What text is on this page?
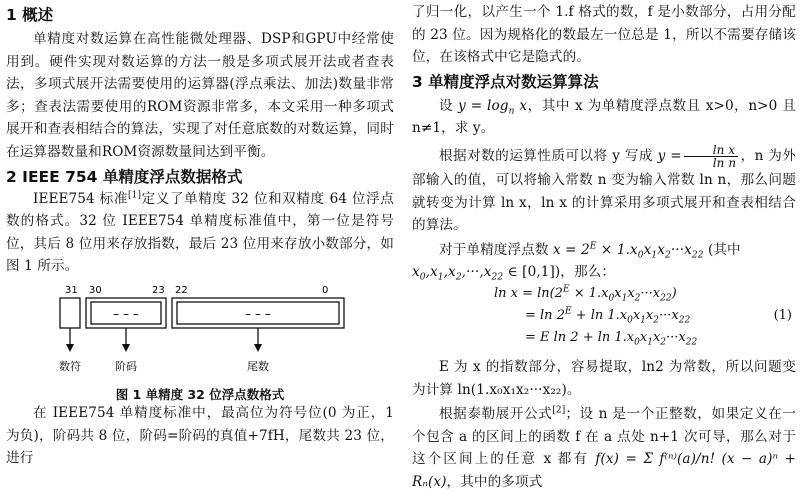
1 概述

单精度对数运算在高性能微处理器、DSP和GPU中经常使用到。硬件实现对数运算的方法一般是多项式展开法或者查表法，多项式展开法需要使用的运算器(浮点乘法、加法)数量非常多；查表法需要使用的ROM资源非常多，本文采用一种多项式展开和查表相结合的算法，实现了对任意底数的对数运算，同时在运算器数量和ROM资源数量间达到平衡。

2 IEEE 754 单精度浮点数据格式

IEEE754 标准[1]定义了单精度 32 位和双精度 64 位浮点数的格式。32 位 IEEE754 单精度标准值中，第一位是符号位，其后 8 位用来存放指数，最后 23 位用来存放小数部分，如图 1 所示。

31 30	23 22	0
– – –	– – –
数符	阶码	尾数

图 1 单精度 32 位浮点数格式

在 IEEE754 单精度标准中，最高位为符号位(0 为正，1 为负)，阶码共 8 位，阶码=阶码的真值+7fH，尾数共 23 位，进行

了归一化，以产生一个 1.f 格式的数，f 是小数部分，占用分配的 23 位。因为规格化的数最左一位总是 1，所以不需要存储该位，在该格式中它是隐式的。

3 单精度浮点对数运算算法

设 $y = \log_n x$，其中 x 为单精度浮点数且 x>0，n>0 且 n≠1，求 y。

根据对数的运算性质可以将 y 写成 $y = \frac{\text{ln x}}{\text{ln n}}$ ，n 为外部输入的值，可以将输入常数 n 变为输入常数 ln n，那么问题就转变为计算 ln x，ln x 的计算采用多项式展开和查表相结合的算法。

对于单精度浮点数 $x = 2^E \times 1.x_0x_1x_2\cdot\cdot\cdot x_{22}$ (其中

$x_0,x_1,x_2,\cdot\cdot\cdot,x_{22}$ ∈ [0,1])，那么：

$\ln x = \ln(2^E \times 1.x_0x_1x_2\cdot\cdot\cdot x_{22})$
= $\ln 2^E + \ln 1.x_0x_1x_2\cdot\cdot\cdot x_{22}$
= E $\ln 2 + \ln 1.x_0x_1x_2\cdot\cdot\cdot x_{22}$
(1)

E 为 x 的指数部分，容易提取，ln2 为常数，所以问题变为计算 ln(1.x₀x₁x₂···x₂₂)。

根据泰勒展开公式[2]；设 n 是一个正整数，如果定义在一个包含 a 的区间上的函数 f 在 a 点处 n+1 次可导，那么对于这个区间上的任意 x 都有 f(x) = Σ f⁽ⁿ⁾(a)/n! (x − a)ⁿ + Rₙ(x)，其中的多项式
